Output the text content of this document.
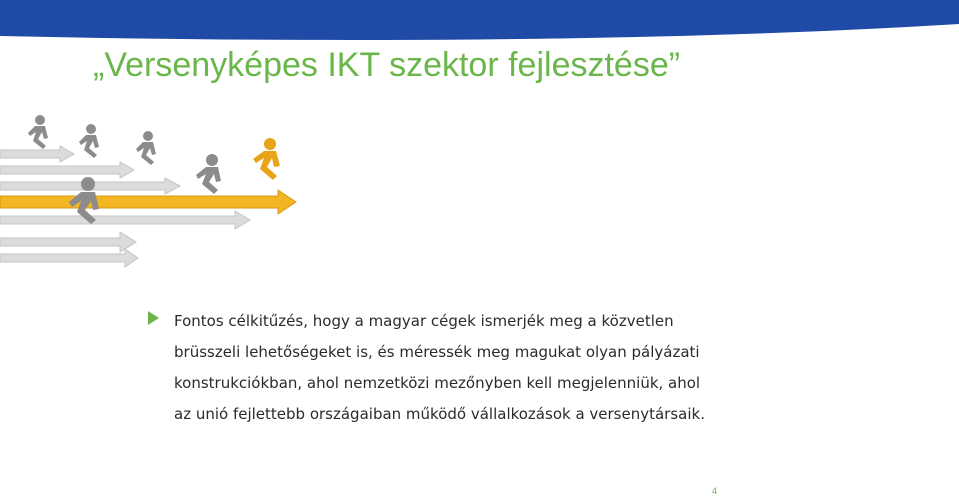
„Versenyképes IKT szektor fejlesztése”

Fontos célkitűzés, hogy a magyar cégek ismerjék meg a közvetlen
brüsszeli lehetőségeket is, és méressék meg magukat olyan pályázati
konstrukciókban, ahol nemzetközi mezőnyben kell megjelenniük, ahol
az unió fejlettebb országaiban működő vállalkozások a versenytársaik.

4
